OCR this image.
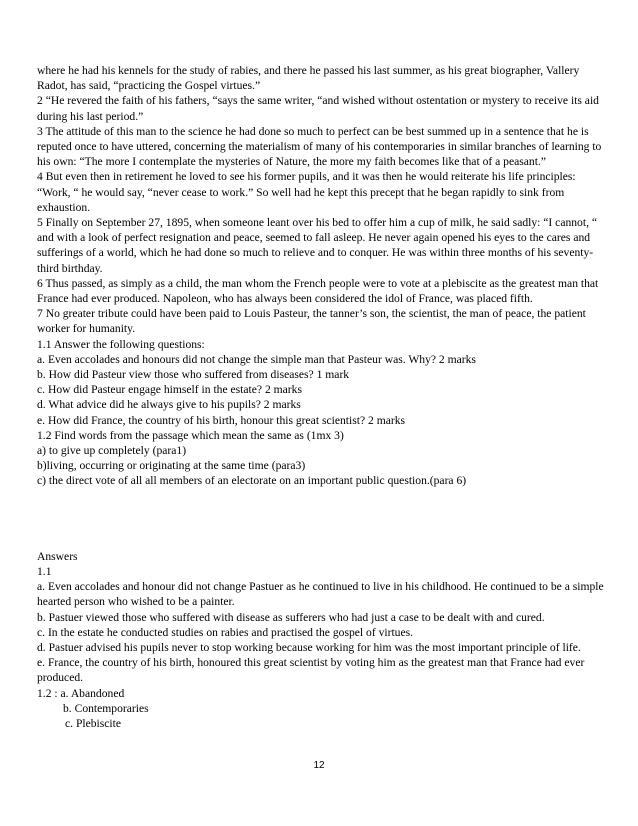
where he had his kennels for the study of rabies, and there he passed his last summer, as his great biographer, Vallery Radot, has said, “practicing the Gospel virtues.”

2 “He revered the faith of his fathers, “says the same writer, “and wished without ostentation or mystery to receive its aid during his last period.”

3 The attitude of this man to the science he had done so much to perfect can be best summed up in a sentence that he is reputed once to have uttered, concerning the materialism of many of his contemporaries in similar branches of learning to his own: “The more I contemplate the mysteries of Nature, the more my faith becomes like that of a peasant.”

4 But even then in retirement he loved to see his former pupils, and it was then he would reiterate his life principles: “Work, “ he would say, “never cease to work.” So well had he kept this precept that he began rapidly to sink from exhaustion.

5 Finally on September 27, 1895, when someone leant over his bed to offer him a cup of milk, he said sadly: “I cannot, “ and with a look of perfect resignation and peace, seemed to fall asleep. He never again opened his eyes to the cares and sufferings of a world, which he had done so much to relieve and to conquer. He was within three months of his seventy-third birthday.

6 Thus passed, as simply as a child, the man whom the French people were to vote at a plebiscite as the greatest man that France had ever produced. Napoleon, who has always been considered the idol of France, was placed fifth.

7 No greater tribute could have been paid to Louis Pasteur, the tanner’s son, the scientist, the man of peace, the patient worker for humanity.

1.1 Answer the following questions:

a. Even accolades and honours did not change the simple man that Pasteur was. Why? 2 marks

b. How did Pasteur view those who suffered from diseases? 1 mark

c. How did Pasteur engage himself in the estate? 2 marks

d. What advice did he always give to his pupils? 2 marks

e. How did France, the country of his birth, honour this great scientist? 2 marks

1.2 Find words from the passage which mean the same as (1mx 3)

a) to give up completely (para1)

b)living, occurring or originating at the same time (para3)

c) the direct vote of all all members of an electorate on an important public question.(para 6)

Answers

1.1

a. Even accolades and honour did not change Pastuer as he continued to live in his childhood. He continued to be a simple hearted person who wished to be a painter.

b. Pastuer viewed those who suffered with disease as sufferers who had just a case to be dealt with and cured.

c. In the estate he conducted studies on rabies and practised the gospel of virtues.

d. Pastuer advised his pupils never to stop working because working for him was the most important principle of life.

e. France, the country of his birth, honoured this great scientist by voting him as the greatest man that France had ever produced.

1.2 : a. Abandoned

b. Contemporaries

c. Plebiscite

12
